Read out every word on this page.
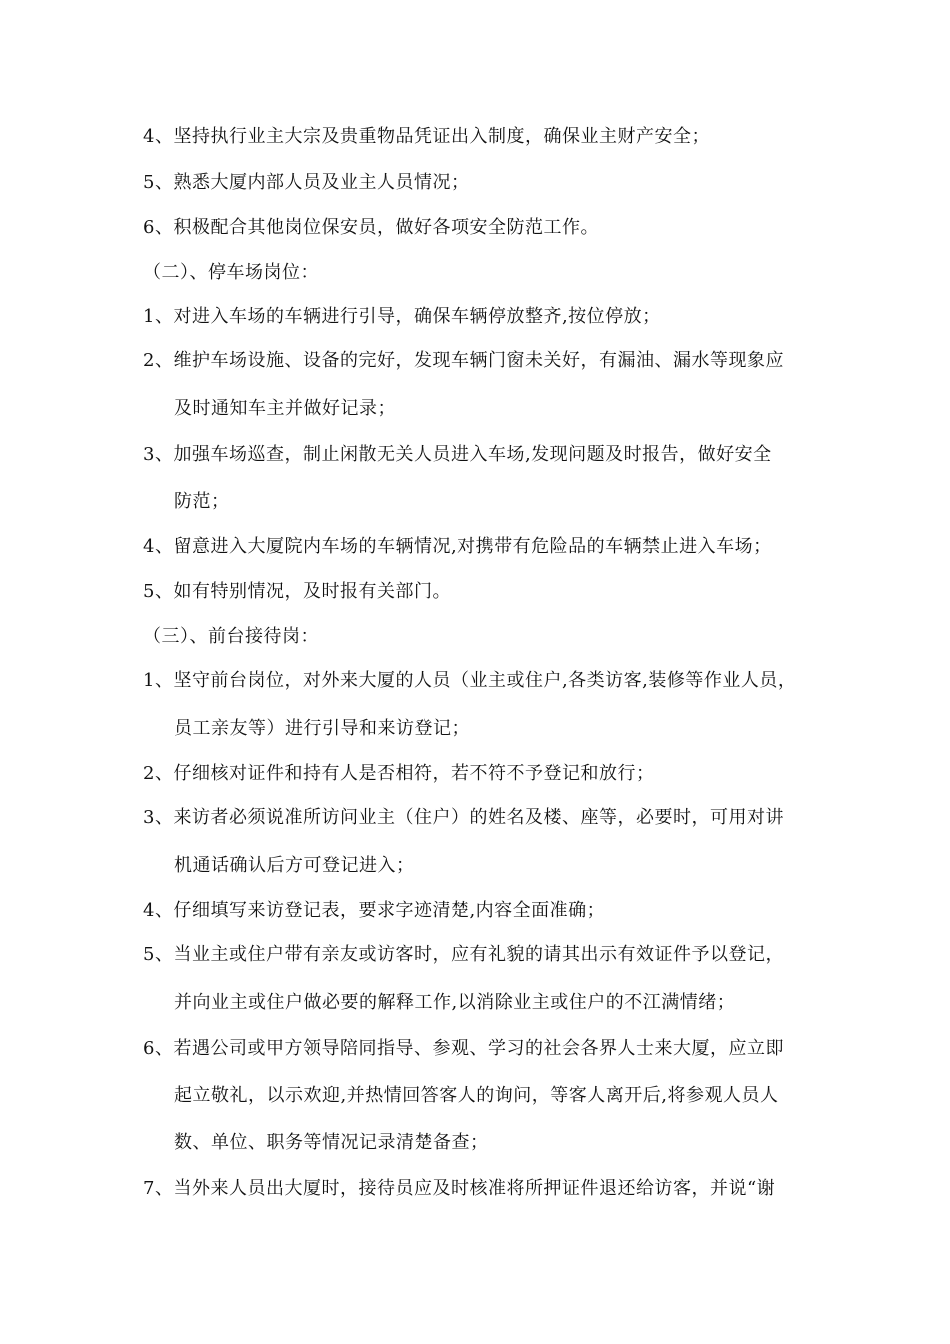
4、坚持执行业主大宗及贵重物品凭证出入制度，确保业主财产安全；
5、熟悉大厦内部人员及业主人员情况；
6、积极配合其他岗位保安员，做好各项安全防范工作。
（二）、停车场岗位：
1、对进入车场的车辆进行引导，确保车辆停放整齐,按位停放；
2、维护车场设施、设备的完好，发现车辆门窗未关好，有漏油、漏水等现象应
及时通知车主并做好记录；
3、加强车场巡查，制止闲散无关人员进入车场,发现问题及时报告，做好安全
防范；
4、留意进入大厦院内车场的车辆情况,对携带有危险品的车辆禁止进入车场；
5、如有特别情况，及时报有关部门。
（三）、前台接待岗：
1、坚守前台岗位，对外来大厦的人员（业主或住户,各类访客,装修等作业人员，
员工亲友等）进行引导和来访登记；
2、仔细核对证件和持有人是否相符，若不符不予登记和放行；
3、来访者必须说准所访问业主（住户）的姓名及楼、座等，必要时，可用对讲
机通话确认后方可登记进入；
4、仔细填写来访登记表，要求字迹清楚,内容全面准确；
5、当业主或住户带有亲友或访客时，应有礼貌的请其出示有效证件予以登记，
并向业主或住户做必要的解释工作,以消除业主或住户的不江满情绪；
6、若遇公司或甲方领导陪同指导、参观、学习的社会各界人士来大厦，应立即
起立敬礼，以示欢迎,并热情回答客人的询问，等客人离开后,将参观人员人
数、单位、职务等情况记录清楚备查；
7、当外来人员出大厦时，接待员应及时核准将所押证件退还给访客，并说“谢
